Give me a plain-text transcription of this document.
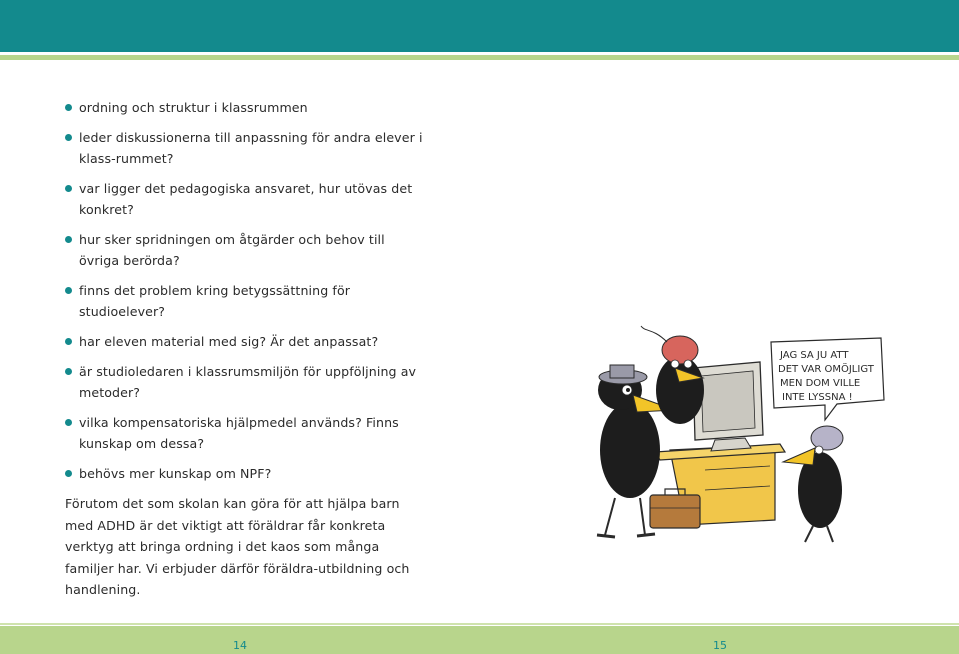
ordning och struktur i klassrummen
leder diskussionerna till anpassning för andra elever i klass-rummet?
var ligger det pedagogiska ansvaret, hur utövas det konkret?
hur sker spridningen om åtgärder och behov till övriga berörda?
finns det problem kring betygssättning för studioelever?
har eleven material med sig? Är det anpassat?
är studioledaren i klassrumsmiljön för uppföljning av metoder?
vilka kompensatoriska hjälpmedel används? Finns kunskap om dessa?
behövs mer kunskap om NPF?

Förutom det som skolan kan göra för att hjälpa barn med ADHD är det viktigt att föräldrar får konkreta verktyg att bringa ordning i det kaos som många familjer har. Vi erbjuder därför föräldra-utbildning och handlening.

JAG SA JU ATT
DET VAR OMÖJLIGT
MEN DOM VILLE
INTE LYSSNA !
14	15
